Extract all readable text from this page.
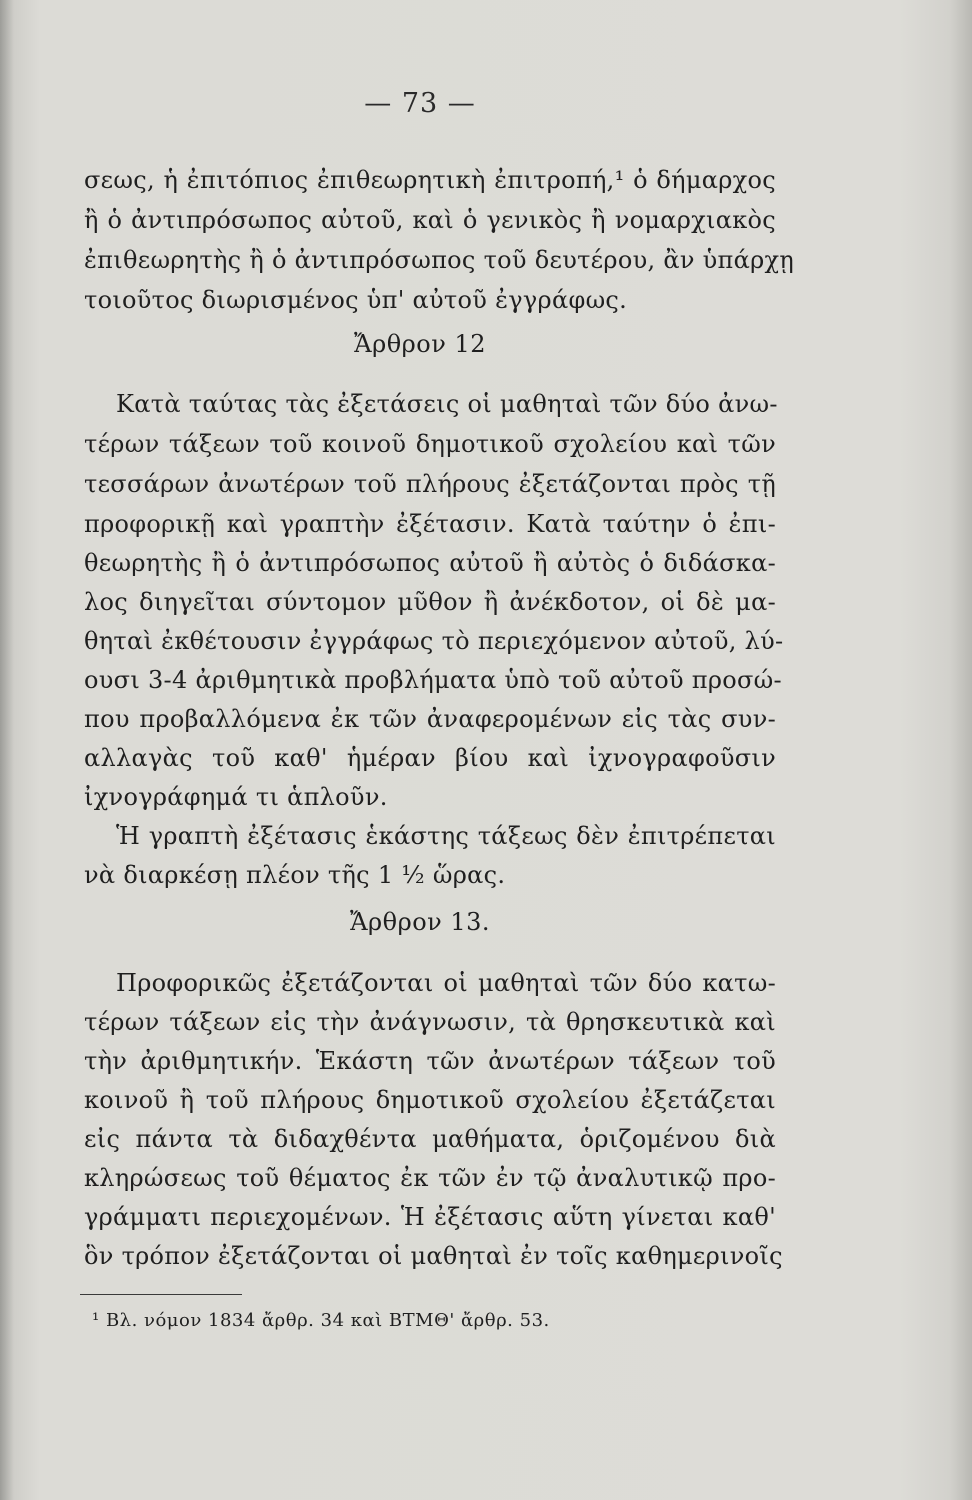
— 73 —
σεως, ἡ ἐπιτόπιος ἐπιθεωρητικὴ ἐπιτροπή,¹ ὁ δήμαρχος
ἢ ὁ ἀντιπρόσωπος αὐτοῦ, καὶ ὁ γενικὸς ἢ νομαρχιακὸς
ἐπιθεωρητὴς ἢ ὁ ἀντιπρόσωπος τοῦ δευτέρου, ἂν ὑπάρχῃ
τοιοῦτος διωρισμένος ὑπ' αὐτοῦ ἐγγράφως.
Ἄρθρον 12
Κατὰ ταύτας τὰς ἐξετάσεις οἱ μαθηταὶ τῶν δύο ἀνω-
τέρων τάξεων τοῦ κοινοῦ δημοτικοῦ σχολείου καὶ τῶν
τεσσάρων ἀνωτέρων τοῦ πλήρους ἐξετάζονται πρὸς τῇ
προφορικῇ καὶ γραπτὴν ἐξέτασιν. Κατὰ ταύτην ὁ ἐπι-
θεωρητὴς ἢ ὁ ἀντιπρόσωπος αὐτοῦ ἢ αὐτὸς ὁ διδάσκα-
λος διηγεῖται σύντομον μῦθον ἢ ἀνέκδοτον, οἱ δὲ μα-
θηταὶ ἐκθέτουσιν ἐγγράφως τὸ περιεχόμενον αὐτοῦ, λύ-
ουσι 3-4 ἀριθμητικὰ προβλήματα ὑπὸ τοῦ αὐτοῦ προσώ-
που προβαλλόμενα ἐκ τῶν ἀναφερομένων εἰς τὰς συν-
αλλαγὰς τοῦ καθ' ἡμέραν βίου καὶ ἰχνογραφοῦσιν
ἰχνογράφημά τι ἁπλοῦν.
Ἡ γραπτὴ ἐξέτασις ἑκάστης τάξεως δὲν ἐπιτρέπεται
νὰ διαρκέσῃ πλέον τῆς 1 ½ ὥρας.
Ἄρθρον 13.
Προφορικῶς ἐξετάζονται οἱ μαθηταὶ τῶν δύο κατω-
τέρων τάξεων εἰς τὴν ἀνάγνωσιν, τὰ θρησκευτικὰ καὶ
τὴν ἀριθμητικήν. Ἑκάστη τῶν ἀνωτέρων τάξεων τοῦ
κοινοῦ ἢ τοῦ πλήρους δημοτικοῦ σχολείου ἐξετάζεται
εἰς πάντα τὰ διδαχθέντα μαθήματα, ὁριζομένου διὰ
κληρώσεως τοῦ θέματος ἐκ τῶν ἐν τῷ ἀναλυτικῷ προ-
γράμματι περιεχομένων. Ἡ ἐξέτασις αὕτη γίνεται καθ'
ὃν τρόπον ἐξετάζονται οἱ μαθηταὶ ἐν τοῖς καθημερινοῖς
¹ Βλ. νόμον 1834 ἄρθρ. 34 καὶ ΒΤΜΘ' ἄρθρ. 53.
